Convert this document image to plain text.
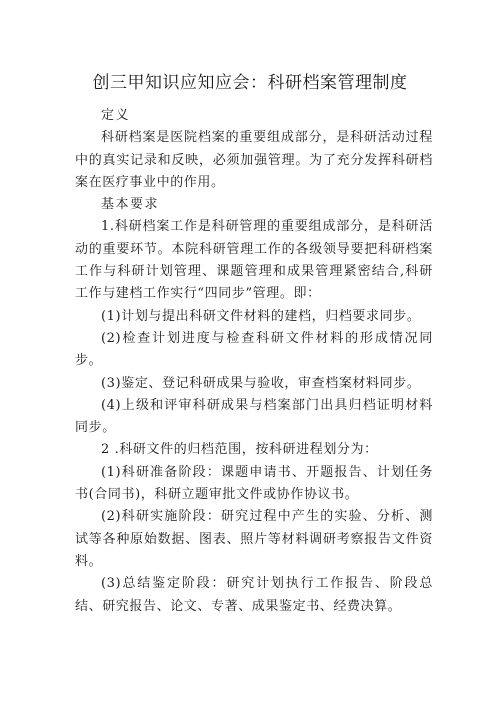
创三甲知识应知应会：科研档案管理制度

定义

科研档案是医院档案的重要组成部分，是科研活动过程中的真实记录和反映，必须加强管理。为了充分发挥科研档案在医疗事业中的作用。

基本要求

1.科研档案工作是科研管理的重要组成部分，是科研活动的重要环节。本院科研管理工作的各级领导要把科研档案工作与科研计划管理、课题管理和成果管理紧密结合,科研工作与建档工作实行“四同步”管理。即：

(1)计划与提出科研文件材料的建档，归档要求同步。

(2)检查计划进度与检查科研文件材料的形成情况同步。

(3)鉴定、登记科研成果与验收，审查档案材料同步。

(4)上级和评审科研成果与档案部门出具归档证明材料同步。

2 .科研文件的归档范围，按科研进程划分为：

(1)科研准备阶段：课题申请书、开题报告、计划任务书(合同书)，科研立题审批文件或协作协议书。

(2)科研实施阶段：研究过程中产生的实验、分析、测试等各种原始数据、图表、照片等材料调研考察报告文件资料。

(3)总结鉴定阶段：研究计划执行工作报告、阶段总结、研究报告、论文、专著、成果鉴定书、经费决算。
